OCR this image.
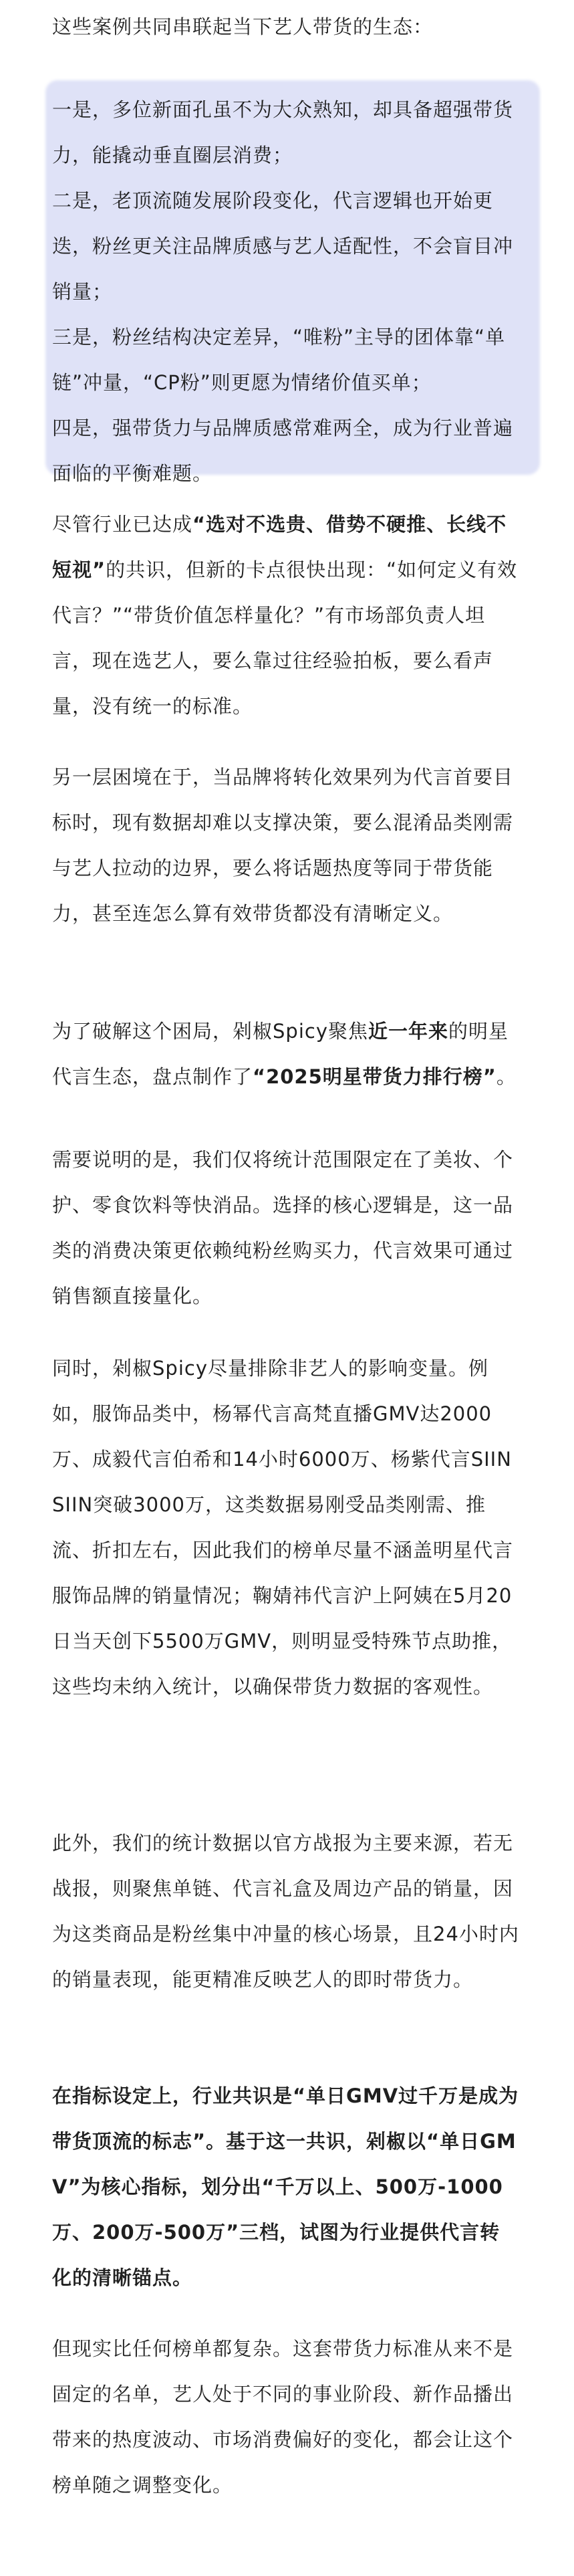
这些案例共同串联起当下艺人带货的生态：

一是，多位新面孔虽不为大众熟知，却具备超强带货力，能撬动垂直圈层消费；

二是，老顶流随发展阶段变化，代言逻辑也开始更迭，粉丝更关注品牌质感与艺人适配性，不会盲目冲销量；

三是，粉丝结构决定差异，“唯粉”主导的团体靠“单链”冲量，“CP粉”则更愿为情绪价值买单；

四是，强带货力与品牌质感常难两全，成为行业普遍面临的平衡难题。

尽管行业已达成“选对不选贵、借势不硬推、长线不短视”的共识，但新的卡点很快出现：“如何定义有效代言？”“带货价值怎样量化？”有市场部负责人坦言，现在选艺人，要么靠过往经验拍板，要么看声量，没有统一的标准。

另一层困境在于，当品牌将转化效果列为代言首要目标时，现有数据却难以支撑决策，要么混淆品类刚需与艺人拉动的边界，要么将话题热度等同于带货能力，甚至连怎么算有效带货都没有清晰定义。

为了破解这个困局，剁椒Spicy聚焦近一年来的明星代言生态，盘点制作了“2025明星带货力排行榜”。

需要说明的是，我们仅将统计范围限定在了美妆、个护、零食饮料等快消品。选择的核心逻辑是，这一品类的消费决策更依赖纯粉丝购买力，代言效果可通过销售额直接量化。

同时，剁椒Spicy尽量排除非艺人的影响变量。例如，服饰品类中，杨幂代言高梵直播GMV达2000万、成毅代言伯希和14小时6000万、杨紫代言SIINSIIN突破3000万，这类数据易刚受品类刚需、推流、折扣左右，因此我们的榜单尽量不涵盖明星代言服饰品牌的销量情况；鞠婧祎代言沪上阿姨在5月20日当天创下5500万GMV，则明显受特殊节点助推，这些均未纳入统计，以确保带货力数据的客观性。

此外，我们的统计数据以官方战报为主要来源，若无战报，则聚焦单链、代言礼盒及周边产品的销量，因为这类商品是粉丝集中冲量的核心场景，且24小时内的销量表现，能更精准反映艺人的即时带货力。

在指标设定上，行业共识是“单日GMV过千万是成为带货顶流的标志”。基于这一共识，剁椒以“单日GMV”为核心指标，划分出“千万以上、500万-1000万、200万-500万”三档，试图为行业提供代言转化的清晰锚点。

但现实比任何榜单都复杂。这套带货力标准从来不是固定的名单，艺人处于不同的事业阶段、新作品播出带来的热度波动、市场消费偏好的变化，都会让这个榜单随之调整变化。
